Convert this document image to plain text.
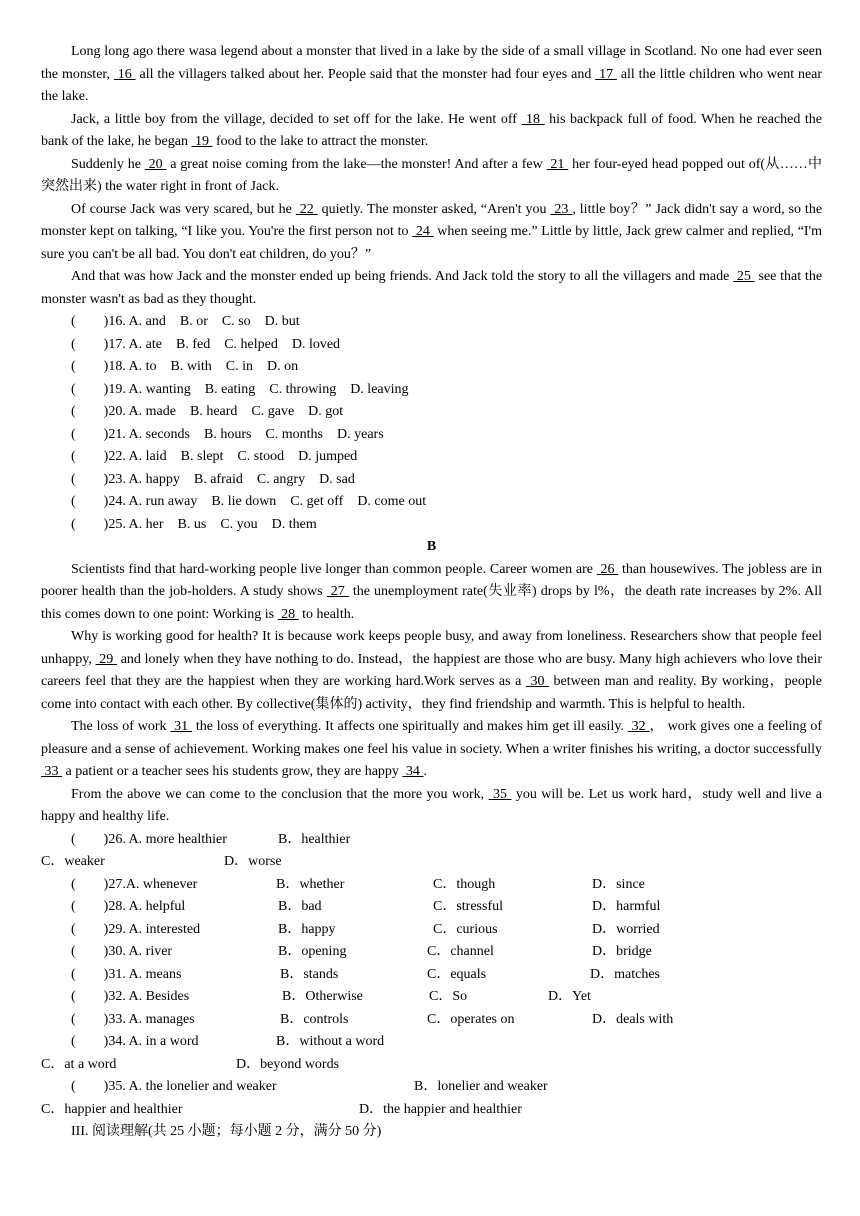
Long long ago there wasa legend about a monster that lived in a lake by the side of a small village in Scotland. No one had ever seen the monster,  16  all the villagers talked about her. People said that the monster had four eyes and  17  all the little children who went near the lake.

Jack, a little boy from the village, decided to set off for the lake. He went off  18  his backpack full of food. When he reached the bank of the lake, he began  19  food to the lake to attract the monster.

Suddenly he  20  a great noise coming from the lake—the monster! And after a few  21  her four-eyed head popped out of(从……中突然出来) the water right in front of Jack.

Of course Jack was very scared, but he  22  quietly. The monster asked, “Aren't you  23 , little boy？” Jack didn't say a word, so the monster kept on talking, “I like you. You're the first person not to  24  when seeing me.” Little by little, Jack grew calmer and replied, “I'm sure you can't be all bad. You don't eat children, do you？”

And that was how Jack and the monster ended up being friends. And Jack told the story to all the villagers and made  25  see that the monster wasn't as bad as they thought.

(　　)16. A. and　B. or　C. so　D. but

(　　)17. A. ate　B. fed　C. helped　D. loved

(　　)18. A. to　B. with　C. in　D. on

(　　)19. A. wanting　B. eating　C. throwing　D. leaving

(　　)20. A. made　B. heard　C. gave　D. got

(　　)21. A. seconds　B. hours　C. months　D. years

(　　)22. A. laid　B. slept　C. stood　D. jumped

(　　)23. A. happy　B. afraid　C. angry　D. sad

(　　)24. A. run away　B. lie down　C. get off　D. come out

(　　)25. A. her　B. us　C. you　D. them

B

Scientists find that hard-working people live longer than common people. Career women are  26  than housewives. The jobless are in poorer health than the job-holders. A study shows  27  the unemployment rate(失业率) drops by l%，the death rate increases by 2%. All this comes down to one point: Working is  28  to health.

Why is working good for health? It is because work keeps people busy, and away from loneliness. Researchers show that people feel unhappy,  29  and lonely when they have nothing to do. Instead，the happiest are those who are busy. Many high achievers who love their careers feel that they are the happiest when they are working hard.Work serves as a  30  between man and reality. By working，people come into contact with each other. By collective(集体的) activity，they find friendship and warmth. This is helpful to health.

The loss of work  31  the loss of everything. It affects one spiritually and makes him get ill easily.  32 ， work gives one a feeling of pleasure and a sense of achievement. Working makes one feel his value in society. When a writer finishes his writing, a doctor successfully  33  a patient or a teacher sees his students grow, they are happy  34 .

From the above we can come to the conclusion that the more you work,  35  you will be. Let us work hard，study well and live a happy and healthy life.

(　　)26. A. more healthier	B．healthier
C．weaker	D．worse
(　　)27.A. whenever	B．whether	C．though	D．since
(　　)28. A. helpful	B．bad	C．stressful	D．harmful
(　　)29. A. interested	B．happy	C．curious	D．worried
(　　)30. A. river	B．opening	C．channel	D．bridge
(　　)31. A. means	B．stands	C．equals	D．matches
(　　)32. A. Besides	B．Otherwise	C．So	D．Yet
(　　)33. A. manages	B．controls	C．operates on	D．deals with
(　　)34. A. in a word	B．without a word
C．at a word	D．beyond words
(　　)35. A. the lonelier and weaker	B．lonelier and weaker
C．happier and healthier	D．the happier and healthier

III. 阅读理解(共 25 小题；每小题 2 分，满分 50 分)
